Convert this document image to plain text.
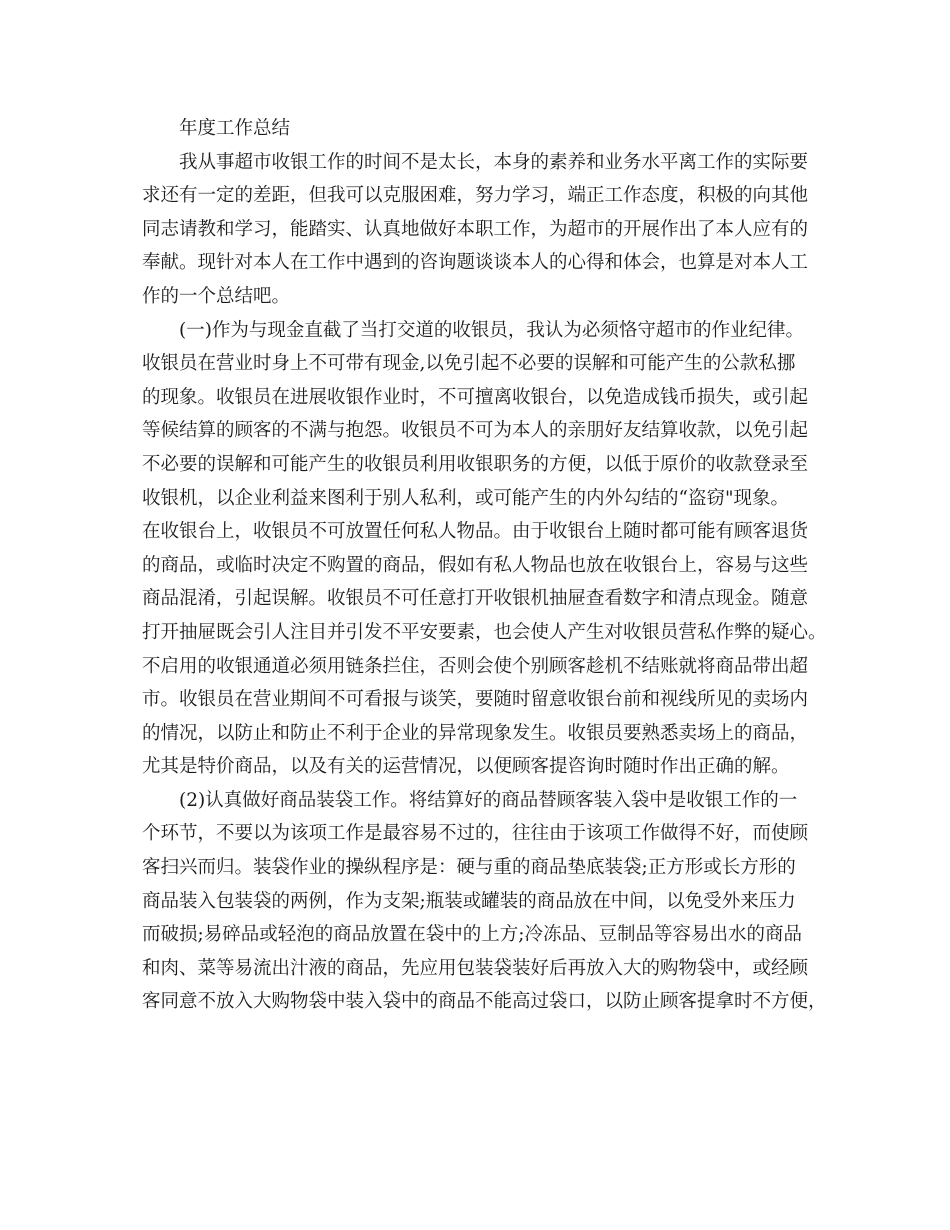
年度工作总结
我从事超市收银工作的时间不是太长，本身的素养和业务水平离工作的实际要
求还有一定的差距，但我可以克服困难，努力学习，端正工作态度，积极的向其他
同志请教和学习，能踏实、认真地做好本职工作，为超市的开展作出了本人应有的
奉献。现针对本人在工作中遇到的咨询题谈谈本人的心得和体会，也算是对本人工
作的一个总结吧。
(一)作为与现金直截了当打交道的收银员，我认为必须恪守超市的作业纪律。
收银员在营业时身上不可带有现金,以免引起不必要的误解和可能产生的公款私挪
的现象。收银员在进展收银作业时，不可擅离收银台，以免造成钱币损失，或引起
等候结算的顾客的不满与抱怨。收银员不可为本人的亲朋好友结算收款，以免引起
不必要的误解和可能产生的收银员利用收银职务的方便，以低于原价的收款登录至
收银机，以企业利益来图利于别人私利，或可能产生的内外勾结的“盗窃"现象。
在收银台上，收银员不可放置任何私人物品。由于收银台上随时都可能有顾客退货
的商品，或临时决定不购置的商品，假如有私人物品也放在收银台上，容易与这些
商品混淆，引起误解。收银员不可任意打开收银机抽屉查看数字和清点现金。随意
打开抽屉既会引人注目并引发不平安要素，也会使人产生对收银员营私作弊的疑心。
不启用的收银通道必须用链条拦住，否则会使个别顾客趁机不结账就将商品带出超
市。收银员在营业期间不可看报与谈笑，要随时留意收银台前和视线所见的卖场内
的情况，以防止和防止不利于企业的异常现象发生。收银员要熟悉卖场上的商品，
尤其是特价商品，以及有关的运营情况，以便顾客提咨询时随时作出正确的解。
(2)认真做好商品装袋工作。将结算好的商品替顾客装入袋中是收银工作的一
个环节，不要以为该项工作是最容易不过的，往往由于该项工作做得不好，而使顾
客扫兴而归。装袋作业的操纵程序是：硬与重的商品垫底装袋;正方形或长方形的
商品装入包装袋的两例，作为支架;瓶装或罐装的商品放在中间，以免受外来压力
而破损;易碎品或轻泡的商品放置在袋中的上方;冷冻品、豆制品等容易出水的商品
和肉、菜等易流出汁液的商品，先应用包装袋装好后再放入大的购物袋中，或经顾
客同意不放入大购物袋中装入袋中的商品不能高过袋口，以防止顾客提拿时不方便，
